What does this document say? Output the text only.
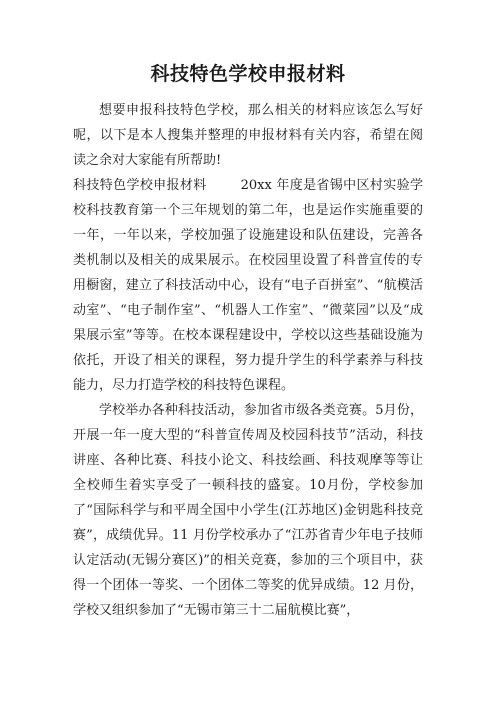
科技特色学校申报材料

想要申报科技特色学校，那么相关的材料应该怎么写好呢，以下是本人搜集并整理的申报材料有关内容，希望在阅读之余对大家能有所帮助!

科技特色学校申报材料	20xx 年度是省锡中区村实验学校科技教育第一个三年规划的第二年，也是运作实施重要的一年，一年以来，学校加强了设施建设和队伍建设，完善各类机制以及相关的成果展示。在校园里设置了科普宣传的专用橱窗，建立了科技活动中心，设有“电子百拼室”、“航模活动室”、“电子制作室”、“机器人工作室”、“微菜园”以及“成果展示室”等等。在校本课程建设中，学校以这些基础设施为依托，开设了相关的课程，努力提升学生的科学素养与科技能力，尽力打造学校的科技特色课程。

学校举办各种科技活动，参加省市级各类竞赛。5月份，开展一年一度大型的“科普宣传周及校园科技节”活动，科技讲座、各种比赛、科技小论文、科技绘画、科技观摩等等让全校师生着实享受了一顿科技的盛宴。10月份，学校参加了“国际科学与和平周全国中小学生(江苏地区)金钥匙科技竞赛”，成绩优异。11 月份学校承办了“江苏省青少年电子技师认定活动(无锡分赛区)”的相关竞赛，参加的三个项目中，获得一个团体一等奖、一个团体二等奖的优异成绩。12 月份，学校又组织参加了“无锡市第三十二届航模比赛”，
